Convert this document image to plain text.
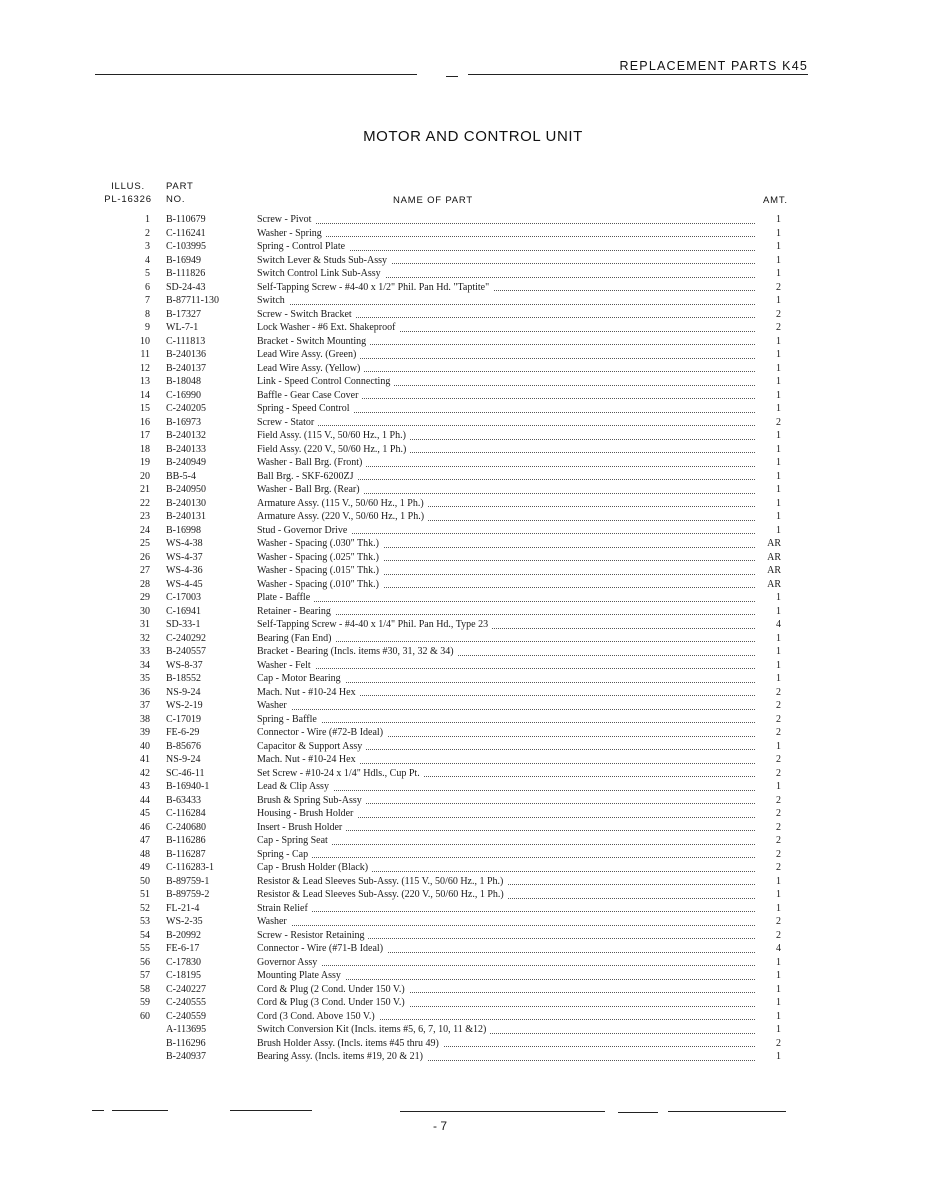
REPLACEMENT PARTS K45
MOTOR AND CONTROL UNIT
ILLUS.
PL-16326
PART
NO.	NAME OF PART	AMT.
1 B-110679	Screw - Pivot	1
2 C-116241	Washer - Spring	1
3 C-103995	Spring - Control Plate	1
4 B-16949	Switch Lever & Studs Sub-Assy	1
5 B-111826	Switch Control Link Sub-Assy	1
6 SD-24-43	Self-Tapping Screw - #4-40 x 1/2" Phil. Pan Hd. "Taptite"	2
7 B-87711-130	Switch	1
8 B-17327	Screw - Switch Bracket	2
9 WL-7-1	Lock Washer - #6 Ext. Shakeproof	2
10 C-111813	Bracket - Switch Mounting	1
11 B-240136	Lead Wire Assy. (Green)	1
12 B-240137	Lead Wire Assy. (Yellow)	1
13 B-18048	Link - Speed Control Connecting	1
14 C-16990	Baffle - Gear Case Cover	1
15 C-240205	Spring - Speed Control	1
16 B-16973	Screw - Stator	2
17 B-240132	Field Assy. (115 V., 50/60 Hz., 1 Ph.)	1
18 B-240133	Field Assy. (220 V., 50/60 Hz., 1 Ph.)	1
19 B-240949	Washer - Ball Brg. (Front)	1
20 BB-5-4	Ball Brg. - SKF-6200ZJ	1
21 B-240950	Washer - Ball Brg. (Rear)	1
22 B-240130	Armature Assy. (115 V., 50/60 Hz., 1 Ph.)	1
23 B-240131	Armature Assy. (220 V., 50/60 Hz., 1 Ph.)	1
24 B-16998	Stud - Governor Drive	1
25 WS-4-38	Washer - Spacing (.030" Thk.)	AR
26 WS-4-37	Washer - Spacing (.025" Thk.)	AR
27 WS-4-36	Washer - Spacing (.015" Thk.)	AR
28 WS-4-45	Washer - Spacing (.010" Thk.)	AR
29 C-17003	Plate - Baffle	1
30 C-16941	Retainer - Bearing	1
31 SD-33-1	Self-Tapping Screw - #4-40 x 1/4" Phil. Pan Hd., Type 23	4
32 C-240292	Bearing (Fan End)	1
33 B-240557	Bracket - Bearing (Incls. items #30, 31, 32 & 34)	1
34 WS-8-37	Washer - Felt	1
35 B-18552	Cap - Motor Bearing	1
36 NS-9-24	Mach. Nut - #10-24 Hex	2
37 WS-2-19	Washer	2
38 C-17019	Spring - Baffle	2
39 FE-6-29	Connector - Wire (#72-B Ideal)	2
40 B-85676	Capacitor & Support Assy	1
41 NS-9-24	Mach. Nut - #10-24 Hex	2
42 SC-46-11	Set Screw - #10-24 x 1/4" Hdls., Cup Pt.	2
43 B-16940-1	Lead & Clip Assy	1
44 B-63433	Brush & Spring Sub-Assy	2
45 C-116284	Housing - Brush Holder	2
46 C-240680	Insert - Brush Holder	2
47 B-116286	Cap - Spring Seat	2
48 B-116287	Spring - Cap	2
49 C-116283-1	Cap - Brush Holder (Black)	2
50 B-89759-1	Resistor & Lead Sleeves Sub-Assy. (115 V., 50/60 Hz., 1 Ph.)	1
51 B-89759-2	Resistor & Lead Sleeves Sub-Assy. (220 V., 50/60 Hz., 1 Ph.)	1
52 FL-21-4	Strain Relief	1
53 WS-2-35	Washer	2
54 B-20992	Screw - Resistor Retaining	2
55 FE-6-17	Connector - Wire (#71-B Ideal)	4
56 C-17830	Governor Assy	1
57 C-18195	Mounting Plate Assy	1
58 C-240227	Cord & Plug (2 Cond. Under 150 V.)	1
59 C-240555	Cord & Plug (3 Cond. Under 150 V.)	1
60 C-240559	Cord (3 Cond. Above 150 V.)	1
A-113695	Switch Conversion Kit (Incls. items #5, 6, 7, 10, 11 &12)	1
B-116296	Brush Holder Assy. (Incls. items #45 thru 49)	2
B-240937	Bearing Assy. (Incls. items #19, 20 & 21)	1
- 7
